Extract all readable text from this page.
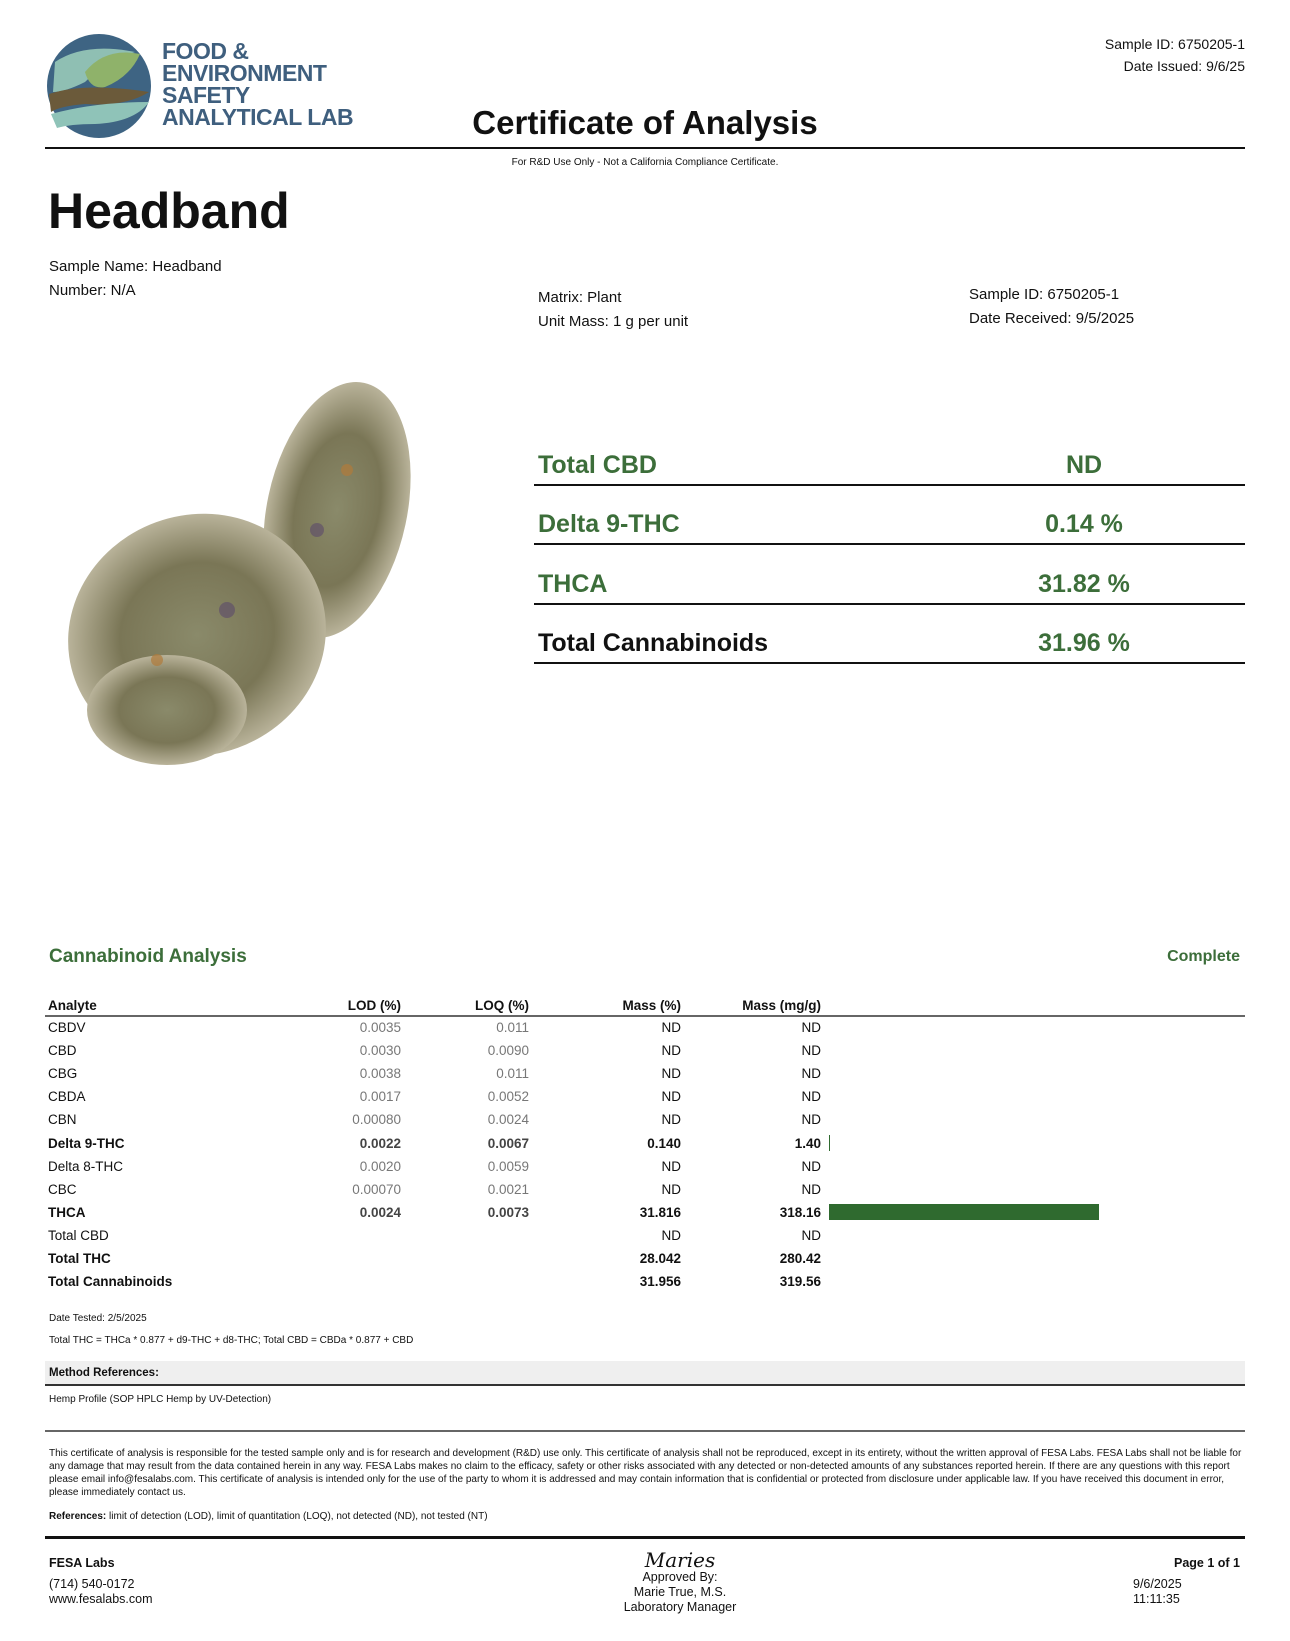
FOOD &
ENVIRONMENT
SAFETY
ANALYTICAL LAB
Sample ID: 6750205-1
Date Issued: 9/6/25
Certificate of Analysis
For R&D Use Only - Not a California Compliance Certificate.
Headband
Sample Name: Headband
Number: N/A	Matrix: Plant
Unit Mass: 1 g per unit
Sample ID: 6750205-1
Date Received: 9/5/2025
Total CBD	ND
Delta 9-THC	0.14 %
THCA	31.82 %
Total Cannabinoids	31.96 %
Cannabinoid Analysis	Complete
Analyte	LOD (%)	LOQ (%)	Mass (%)	Mass (mg/g)	
CBDV	0.0035	0.011	ND	ND	
CBD	0.0030	0.0090	ND	ND	
CBG	0.0038	0.011	ND	ND	
CBDA	0.0017	0.0052	ND	ND	
CBN	0.00080	0.0024	ND	ND	
Delta 9-THC	0.0022	0.0067	0.140	1.40	

Delta 8-THC	0.0020	0.0059	ND	ND	
CBC	0.00070	0.0021	ND	ND	
THCA	0.0024	0.0073	31.816	318.16	

Total CBD			ND	ND	
Total THC			28.042	280.42	
Total Cannabinoids			31.956	319.56	
Date Tested: 2/5/2025
Total THC = THCa * 0.877 + d9-THC + d8-THC; Total CBD = CBDa * 0.877 + CBD
Method References:
Hemp Profile (SOP HPLC Hemp by UV-Detection)
This certificate of analysis is responsible for the tested sample only and is for research and development (R&D) use only. This certificate of analysis shall not be reproduced, except in its entirety, without the written approval of FESA Labs. FESA Labs shall not be liable for any damage that may result from the data contained herein in any way. FESA Labs makes no claim to the efficacy, safety or other risks associated with any detected or non-detected amounts of any substances reported herein. If there are any questions with this report please email info@fesalabs.com. This certificate of analysis is intended only for the use of the party to whom it is addressed and may contain information that is confidential or protected from disclosure under applicable law. If you have received this document in error, please immediately contact us.
References: limit of detection (LOD), limit of quantitation (LOQ), not detected (ND), not tested (NT)
FESA Labs
(714) 540-0172
www.fesalabs.com
Maries
Approved By:
Marie True, M.S.
Laboratory Manager
Page 1 of 1
9/6/2025
11:11:35
